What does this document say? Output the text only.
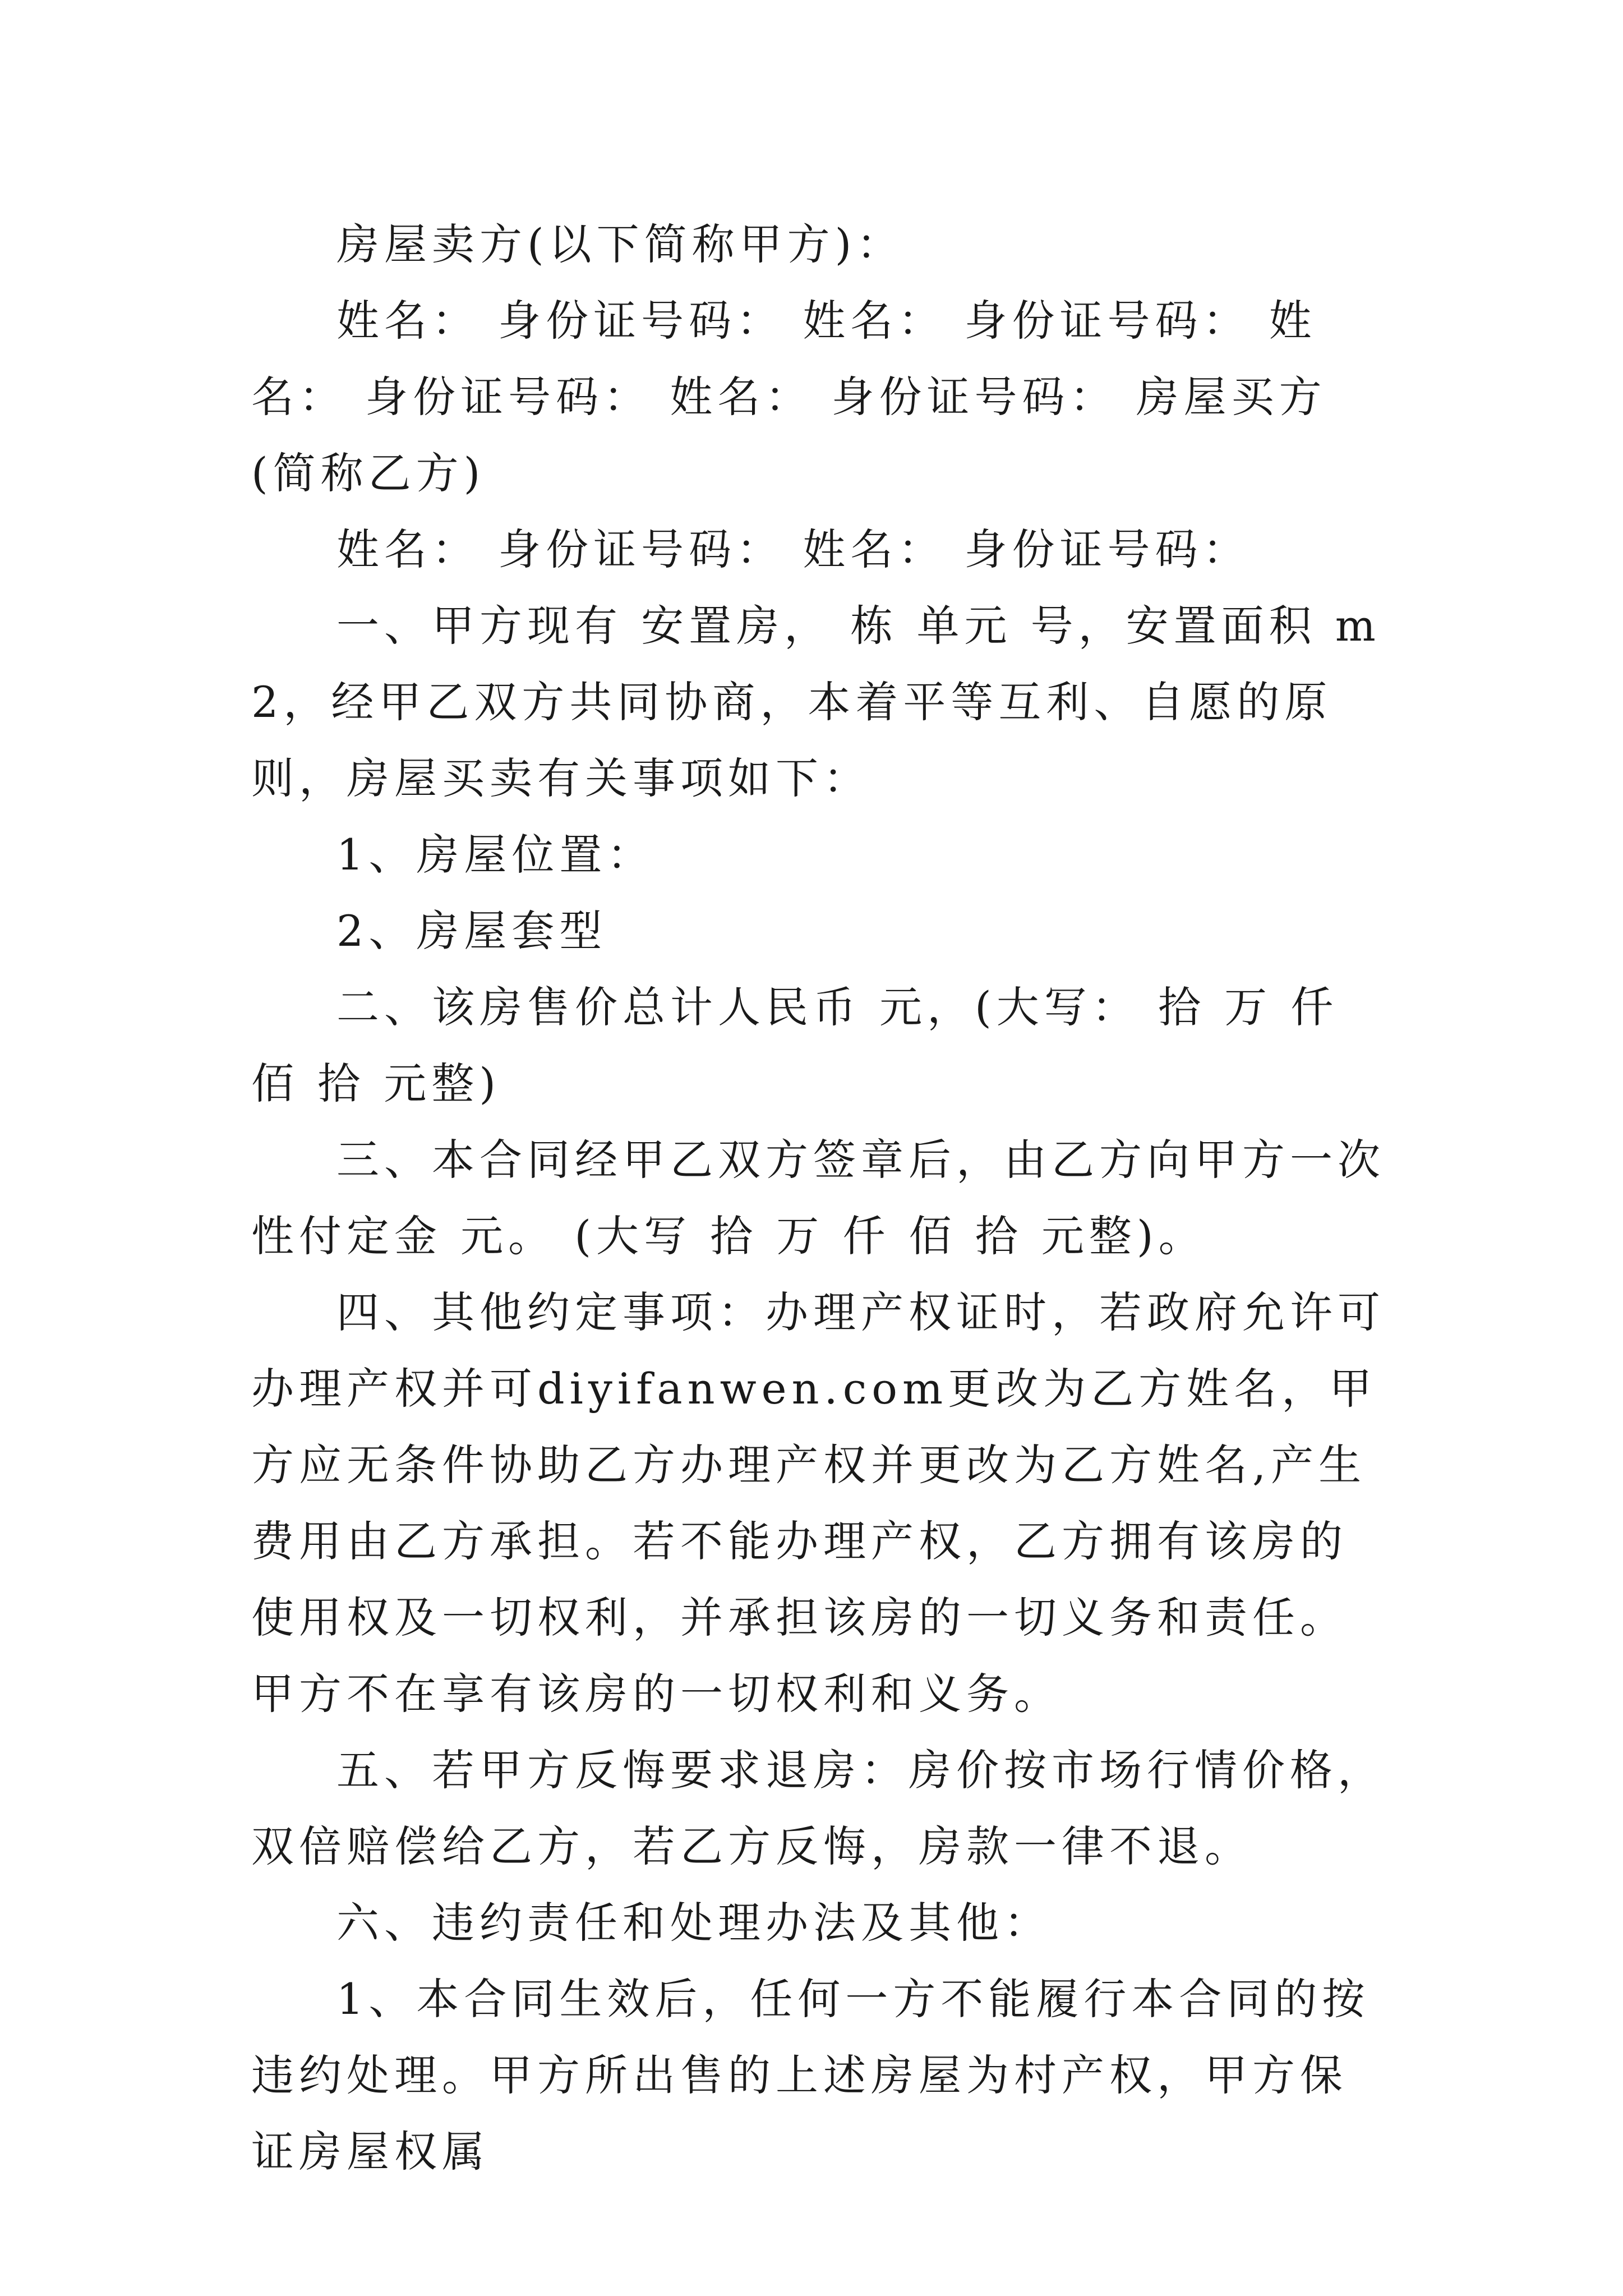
房屋卖方(以下简称甲方)：

姓名： 身份证号码： 姓名： 身份证号码： 姓名： 身份证号码： 姓名： 身份证号码： 房屋买方(简称乙方)

姓名： 身份证号码： 姓名： 身份证号码：

一、甲方现有 安置房， 栋 单元 号，安置面积 m2，经甲乙双方共同协商，本着平等互利、自愿的原则，房屋买卖有关事项如下：

1、房屋位置：

2、房屋套型

二、该房售价总计人民币 元，(大写： 拾 万 仟 佰 拾 元整)

三、本合同经甲乙双方签章后，由乙方向甲方一次性付定金 元。 (大写 拾 万 仟 佰 拾 元整)。

四、其他约定事项：办理产权证时，若政府允许可办理产权并可diyifanwen.com更改为乙方姓名，甲方应无条件协助乙方办理产权并更改为乙方姓名,产生费用由乙方承担。若不能办理产权，乙方拥有该房的使用权及一切权利，并承担该房的一切义务和责任。甲方不在享有该房的一切权利和义务。

五、若甲方反悔要求退房：房价按市场行情价格，双倍赔偿给乙方，若乙方反悔，房款一律不退。

六、违约责任和处理办法及其他：

1、本合同生效后，任何一方不能履行本合同的按违约处理。甲方所出售的上述房屋为村产权，甲方保证房屋权属
